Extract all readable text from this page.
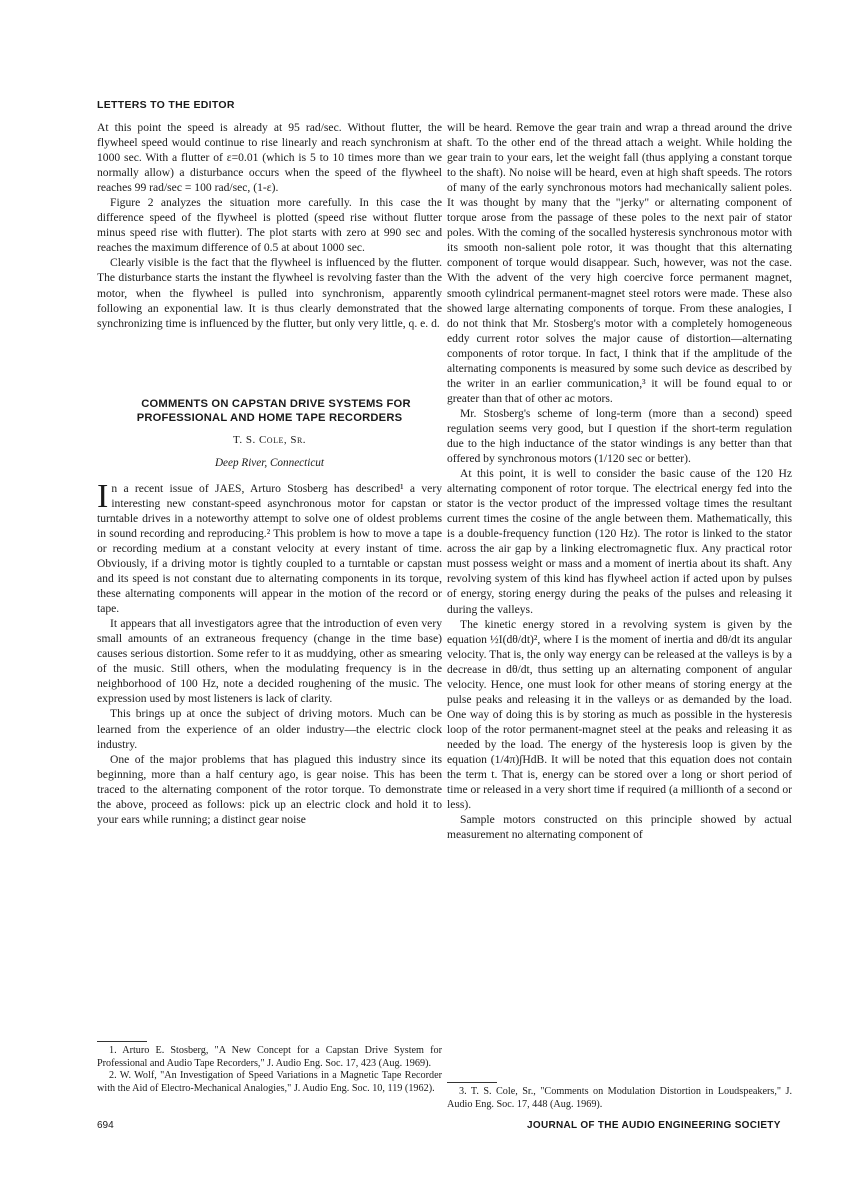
LETTERS TO THE EDITOR

At this point the speed is already at 95 rad/sec. Without flutter, the flywheel speed would continue to rise linearly and reach synchronism at 1000 sec. With a flutter of ε=0.01 (which is 5 to 10 times more than we normally allow) a disturbance occurs when the speed of the flywheel reaches 99 rad/sec = 100 rad/sec, (1-ε).

Figure 2 analyzes the situation more carefully. In this case the difference speed of the flywheel is plotted (speed rise without flutter minus speed rise with flutter). The plot starts with zero at 990 sec and reaches the maximum difference of 0.5 at about 1000 sec.

Clearly visible is the fact that the flywheel is influenced by the flutter. The disturbance starts the instant the flywheel is revolving faster than the motor, when the flywheel is pulled into synchronism, apparently following an exponential law. It is thus clearly demonstrated that the synchronizing time is influenced by the flutter, but only very little, q. e. d.

COMMENTS ON CAPSTAN DRIVE SYSTEMS FOR PROFESSIONAL AND HOME TAPE RECORDERS

T. S. Cole, Sr.
Deep River, Connecticut

In a recent issue of JAES, Arturo Stosberg has described¹ a very interesting new constant-speed asynchronous motor for capstan or turntable drives in a noteworthy attempt to solve one of oldest problems in sound recording and reproducing.² This problem is how to move a tape or recording medium at a constant velocity at every instant of time. Obviously, if a driving motor is tightly coupled to a turntable or capstan and its speed is not constant due to alternating components in its torque, these alternating components will appear in the motion of the record or tape.

It appears that all investigators agree that the introduction of even very small amounts of an extraneous frequency (change in the time base) causes serious distortion. Some refer to it as muddying, other as smearing of the music. Still others, when the modulating frequency is in the neighborhood of 100 Hz, note a decided roughening of the music. The expression used by most listeners is lack of clarity.

This brings up at once the subject of driving motors. Much can be learned from the experience of an older industry—the electric clock industry.

One of the major problems that has plagued this industry since its beginning, more than a half century ago, is gear noise. This has been traced to the alternating component of the rotor torque. To demonstrate the above, proceed as follows: pick up an electric clock and hold it to your ears while running; a distinct gear noise

will be heard. Remove the gear train and wrap a thread around the drive shaft. To the other end of the thread attach a weight. While holding the gear train to your ears, let the weight fall (thus applying a constant torque to the shaft). No noise will be heard, even at high shaft speeds. The rotors of many of the early synchronous motors had mechanically salient poles. It was thought by many that the "jerky" or alternating component of torque arose from the passage of these poles to the next pair of stator poles. With the coming of the socalled hysteresis synchronous motor with its smooth non-salient pole rotor, it was thought that this alternating component of torque would disappear. Such, however, was not the case. With the advent of the very high coercive force permanent magnet, smooth cylindrical permanent-magnet steel rotors were made. These also showed large alternating components of torque. From these analogies, I do not think that Mr. Stosberg's motor with a completely homogeneous eddy current rotor solves the major cause of distortion—alternating components of rotor torque. In fact, I think that if the amplitude of the alternating components is measured by some such device as described by the writer in an earlier communication,³ it will be found equal to or greater than that of other ac motors.

Mr. Stosberg's scheme of long-term (more than a second) speed regulation seems very good, but I question if the short-term regulation due to the high inductance of the stator windings is any better than that offered by synchronous motors (1/120 sec or better).

At this point, it is well to consider the basic cause of the 120 Hz alternating component of rotor torque. The electrical energy fed into the stator is the vector product of the impressed voltage times the resultant current times the cosine of the angle between them. Mathematically, this is a double-frequency function (120 Hz). The rotor is linked to the stator across the air gap by a linking electromagnetic flux. Any practical rotor must possess weight or mass and a moment of inertia about its shaft. Any revolving system of this kind has flywheel action if acted upon by pulses of energy, storing energy during the peaks of the pulses and releasing it during the valleys.

The kinetic energy stored in a revolving system is given by the equation ½I(dθ/dt)², where I is the moment of inertia and dθ/dt its angular velocity. That is, the only way energy can be released at the valleys is by a decrease in dθ/dt, thus setting up an alternating component of angular velocity. Hence, one must look for other means of storing energy at the pulse peaks and releasing it in the valleys or as demanded by the load. One way of doing this is by storing as much as possible in the hysteresis loop of the rotor permanent-magnet steel at the peaks and releasing it as needed by the load. The energy of the hysteresis loop is given by the equation (1/4π)∫HdB. It will be noted that this equation does not contain the term t. That is, energy can be stored over a long or short period of time or released in a very short time if required (a millionth of a second or less).

Sample motors constructed on this principle showed by actual measurement no alternating component of

1. Arturo E. Stosberg, "A New Concept for a Capstan Drive System for Professional and Audio Tape Recorders," J. Audio Eng. Soc. 17, 423 (Aug. 1969).

2. W. Wolf, "An Investigation of Speed Variations in a Magnetic Tape Recorder with the Aid of Electro-Mechanical Analogies," J. Audio Eng. Soc. 10, 119 (1962).	3. T. S. Cole, Sr., "Comments on Modulation Distortion in Loudspeakers," J. Audio Eng. Soc. 17, 448 (Aug. 1969).

694	JOURNAL OF THE AUDIO ENGINEERING SOCIETY
